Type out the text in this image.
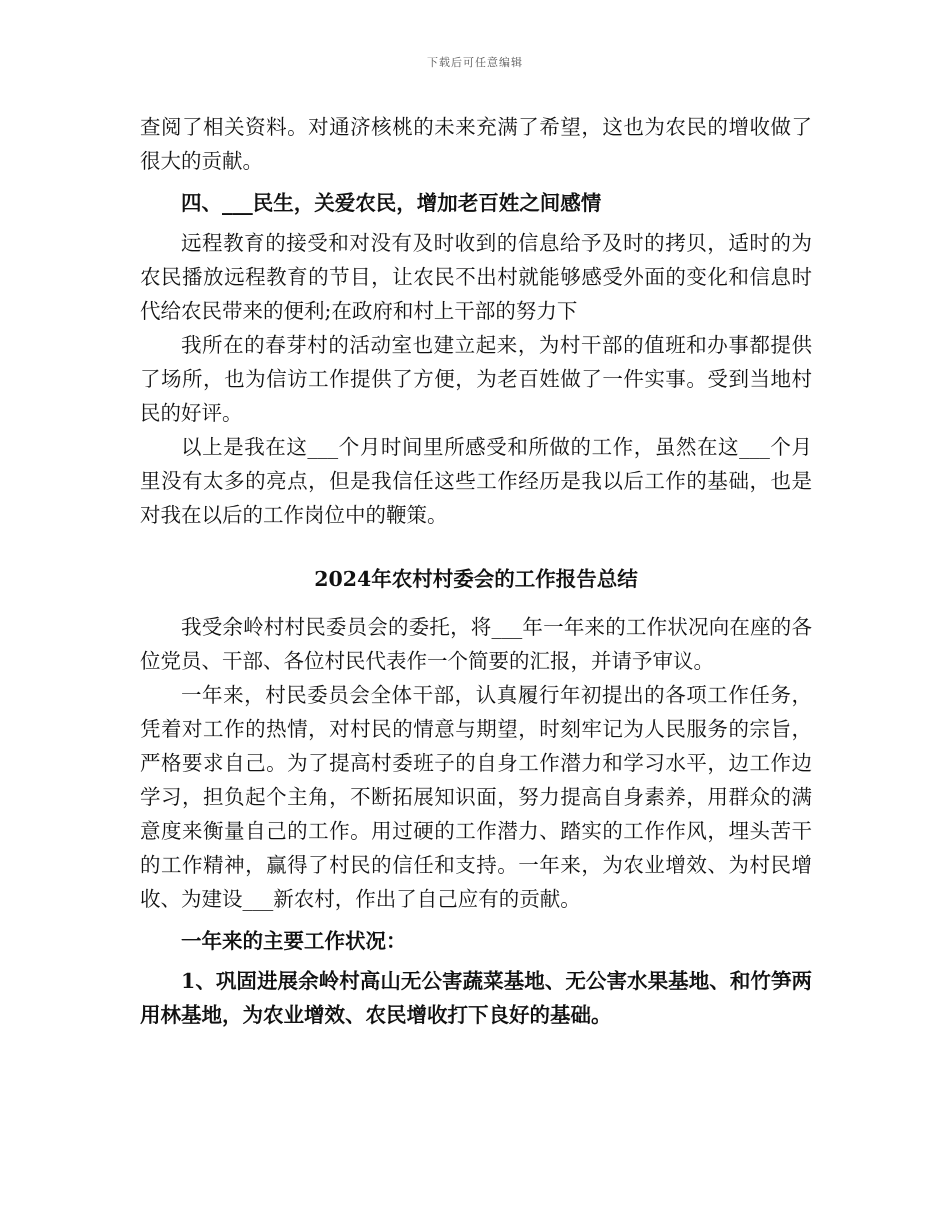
下载后可任意编辑

查阅了相关资料。对通济核桃的未来充满了希望，这也为农民的增收做了很大的贡献。

四、___民生，关爱农民，增加老百姓之间感情

远程教育的接受和对没有及时收到的信息给予及时的拷贝，适时的为农民播放远程教育的节目，让农民不出村就能够感受外面的变化和信息时代给农民带来的便利;在政府和村上干部的努力下

我所在的春芽村的活动室也建立起来，为村干部的值班和办事都提供了场所，也为信访工作提供了方便，为老百姓做了一件实事。受到当地村民的好评。

以上是我在这___个月时间里所感受和所做的工作，虽然在这___个月里没有太多的亮点，但是我信任这些工作经历是我以后工作的基础，也是对我在以后的工作岗位中的鞭策。

2024年农村村委会的工作报告总结

我受余岭村村民委员会的委托，将___年一年来的工作状况向在座的各位党员、干部、各位村民代表作一个简要的汇报，并请予审议。

一年来，村民委员会全体干部，认真履行年初提出的各项工作任务，凭着对工作的热情，对村民的情意与期望，时刻牢记为人民服务的宗旨，严格要求自己。为了提高村委班子的自身工作潜力和学习水平，边工作边学习，担负起个主角，不断拓展知识面，努力提高自身素养，用群众的满意度来衡量自己的工作。用过硬的工作潜力、踏实的工作作风，埋头苦干的工作精神，赢得了村民的信任和支持。一年来，为农业增效、为村民增收、为建设___新农村，作出了自己应有的贡献。

一年来的主要工作状况：

1、巩固进展余岭村高山无公害蔬菜基地、无公害水果基地、和竹笋两用林基地，为农业增效、农民增收打下良好的基础。
